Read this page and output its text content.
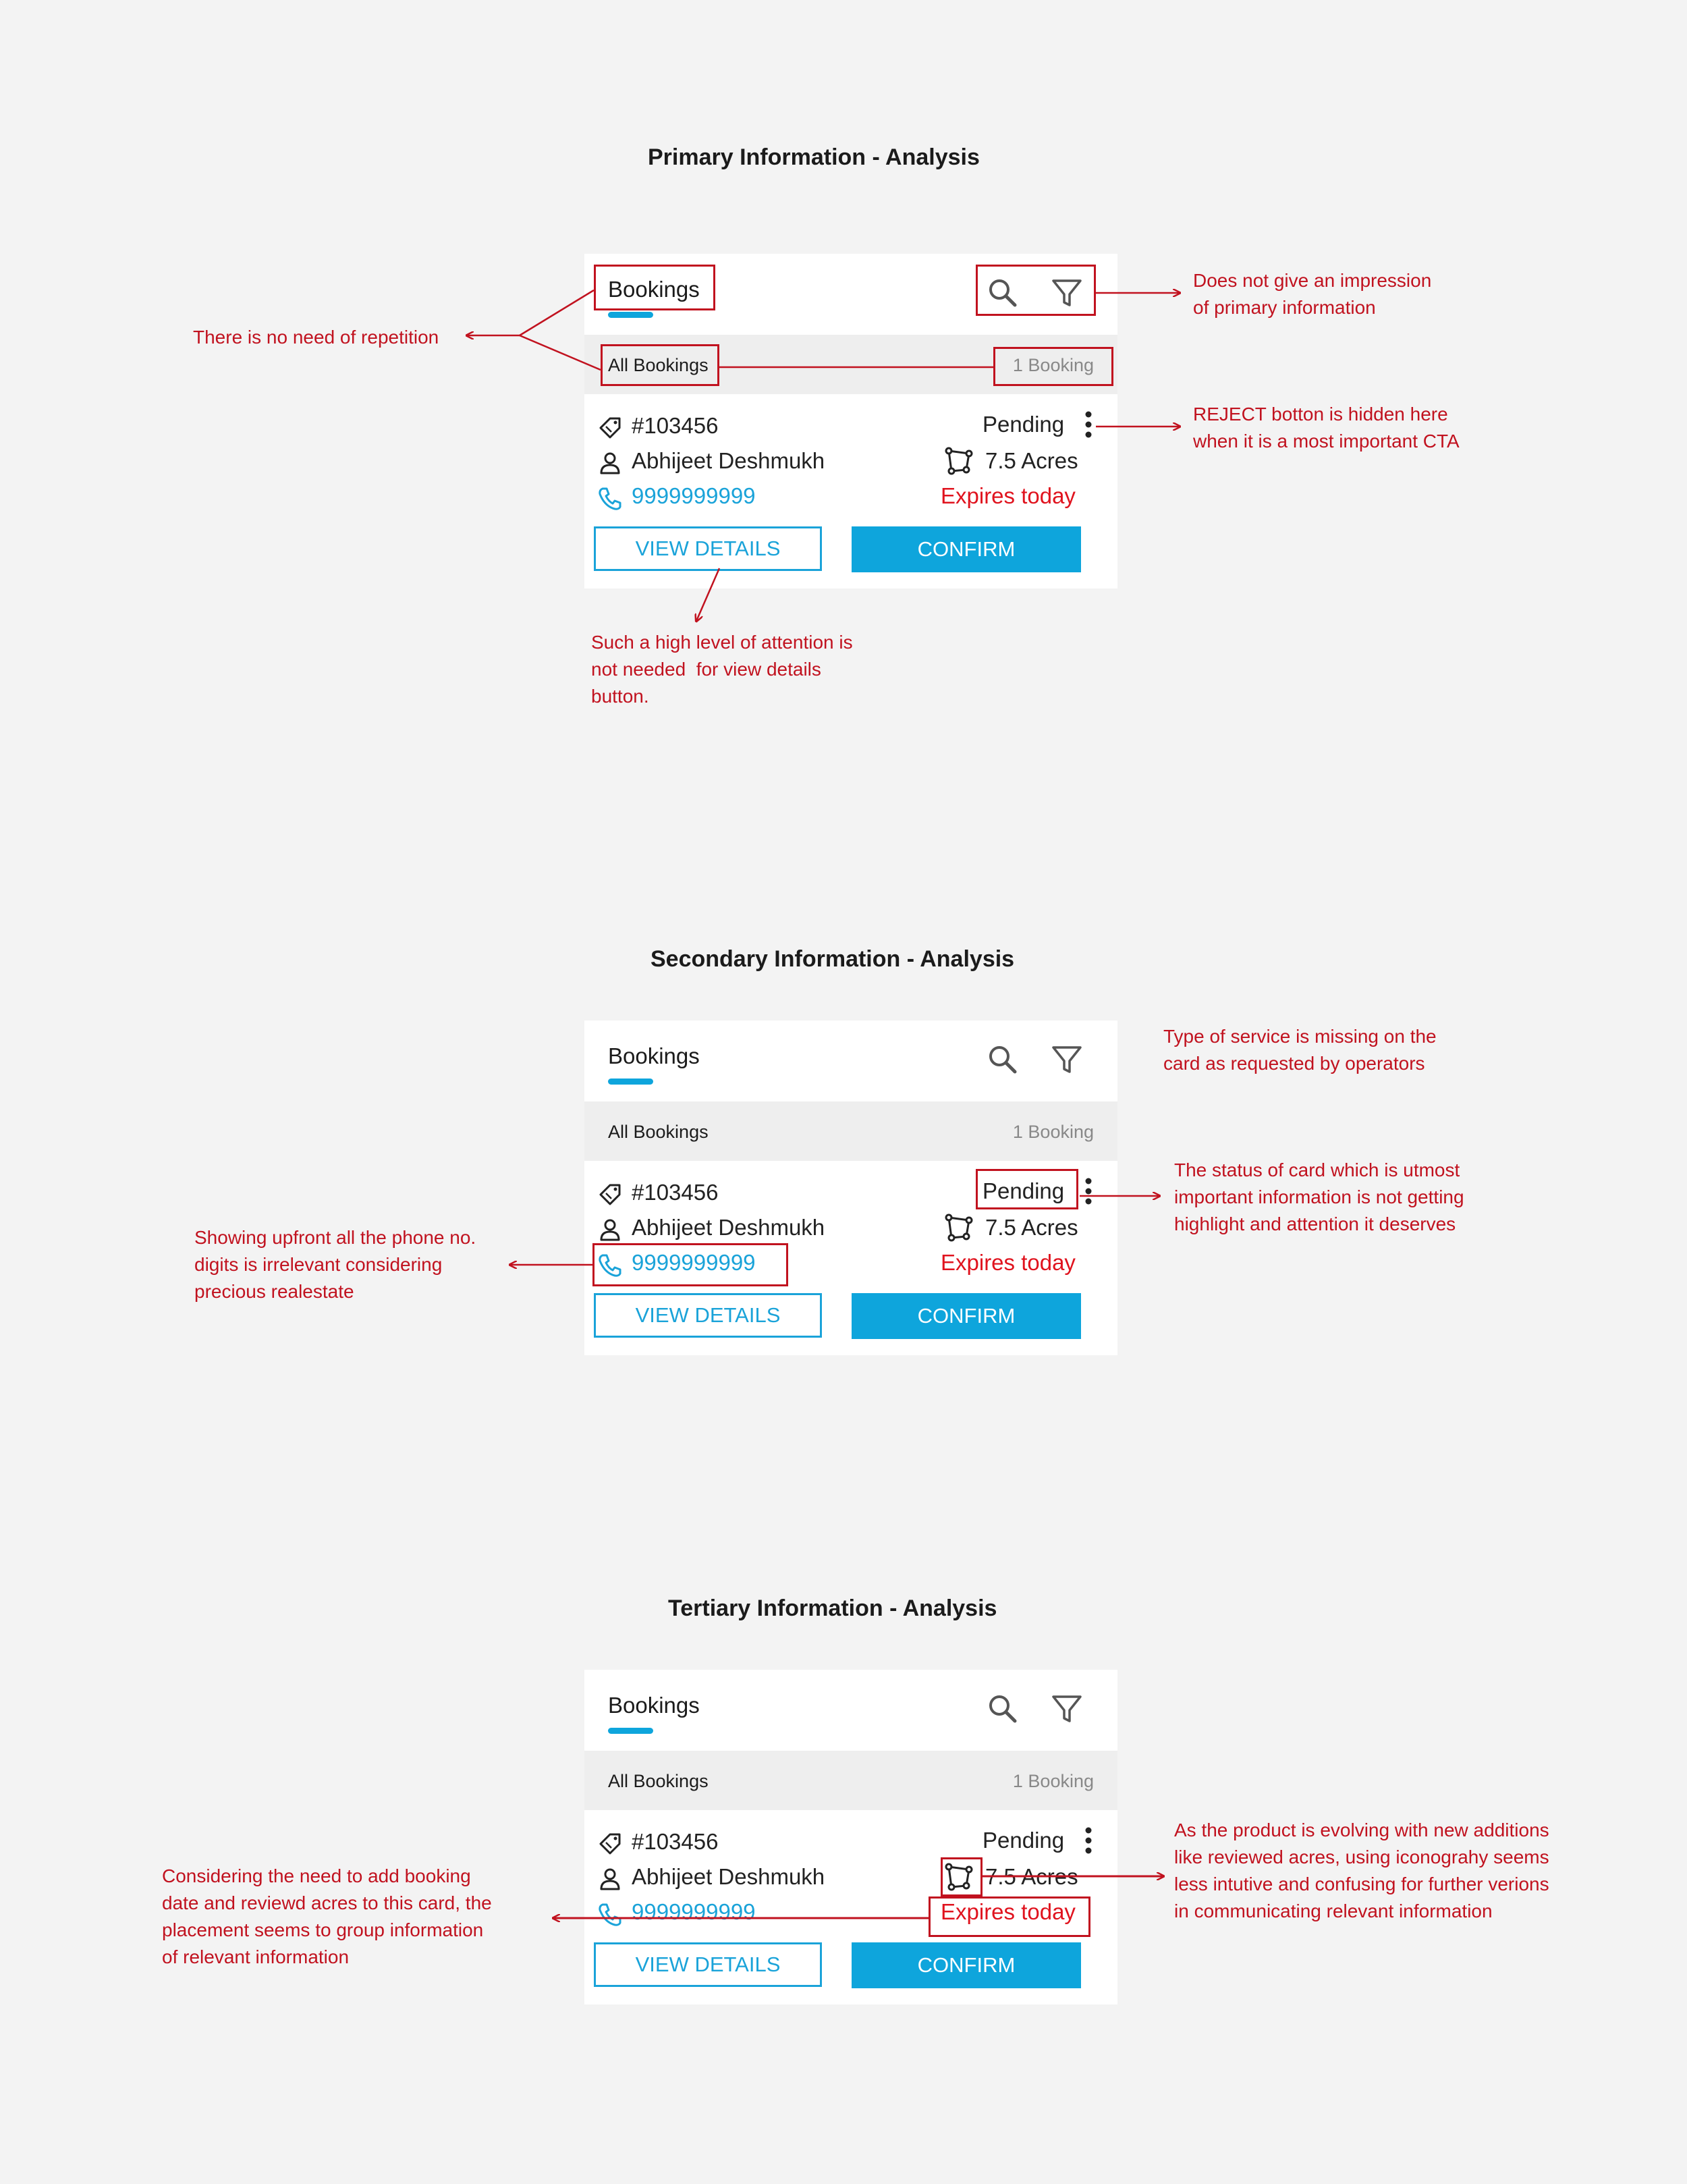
Primary Information - Analysis
Bookings
All Bookings	1 Booking
#103456
Abhijeet Deshmukh
9999999999
Pending
7.5 Acres
Expires today
VIEW DETAILS	CONFIRM
There is no need of repetition
Does not give an impression
of primary information
REJECT botton is hidden here
when it is a most important CTA
Such a high level of attention is
not needed  for view details
button.
Secondary Information - Analysis
Bookings
All Bookings	1 Booking
#103456
Abhijeet Deshmukh
9999999999
Pending
7.5 Acres
Expires today
VIEW DETAILS	CONFIRM
Type of service is missing on the
card as requested by operators
The status of card which is utmost
important information is not getting
highlight and attention it deserves
Showing upfront all the phone no.
digits is irrelevant considering
precious realestate
Tertiary Information - Analysis
Bookings
All Bookings	1 Booking
#103456
Abhijeet Deshmukh
9999999999
Pending
7.5 Acres
Expires today
VIEW DETAILS	CONFIRM
Considering the need to add booking
date and reviewd acres to this card, the
placement seems to group information
of relevant information
As the product is evolving with new additions
like reviewed acres, using iconograhy seems
less intutive and confusing for further verions
in communicating relevant information
